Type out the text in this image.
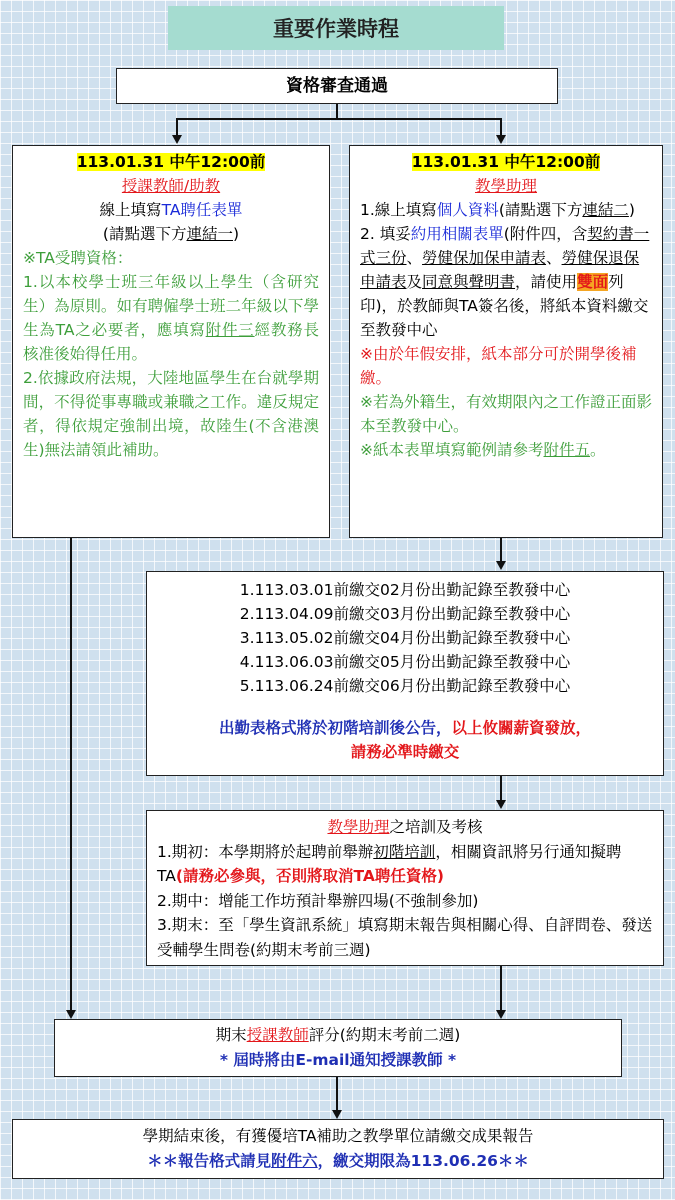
重要作業時程
資格審查通過

113.01.31 中午12:00前

授課教師/助教

線上填寫TA聘任表單

(請點選下方連結一)

※TA受聘資格：

1.以本校學士班三年級以上學生（含研究生）為原則。如有聘僱學士班二年級以下學生為TA之必要者，應填寫附件三經教務長核准後始得任用。

2.依據政府法規，大陸地區學生在台就學期間，不得從事專職或兼職之工作。違反規定者，得依規定強制出境，故陸生(不含港澳生)無法請領此補助。

113.01.31 中午12:00前

教學助理

1.線上填寫個人資料(請點選下方連結二)

2. 填妥約用相關表單(附件四，含契約書一式三份、勞健保加保申請表、勞健保退保申請表及同意與聲明書，請使用雙面列印)，於教師與TA簽名後，將紙本資料繳交至教發中心

※由於年假安排，紙本部分可於開學後補繳。

※若為外籍生，有效期限內之工作證正面影本至教發中心。

※紙本表單填寫範例請參考附件五。

1.113.03.01前繳交02月份出勤記錄至教發中心

2.113.04.09前繳交03月份出勤記錄至教發中心

3.113.05.02前繳交04月份出勤記錄至教發中心

4.113.06.03前繳交05月份出勤記錄至教發中心

5.113.06.24前繳交06月份出勤記錄至教發中心

出勤表格式將於初階培訓後公告，以上攸關薪資發放，

請務必準時繳交

教學助理之培訓及考核

1.期初：本學期將於起聘前舉辦初階培訓，相關資訊將另行通知擬聘TA(請務必參與，否則將取消TA聘任資格)

2.期中：增能工作坊預計舉辦四場(不強制參加)

3.期末：至「學生資訊系統」填寫期末報告與相關心得、自評問卷、發送受輔學生問卷(約期末考前三週)

期末授課教師評分(約期末考前二週)

* 屆時將由E-mail通知授課教師 *

學期結束後，有獲優培TA補助之教學單位請繳交成果報告

＊＊報告格式請見附件六，繳交期限為113.06.26＊＊
